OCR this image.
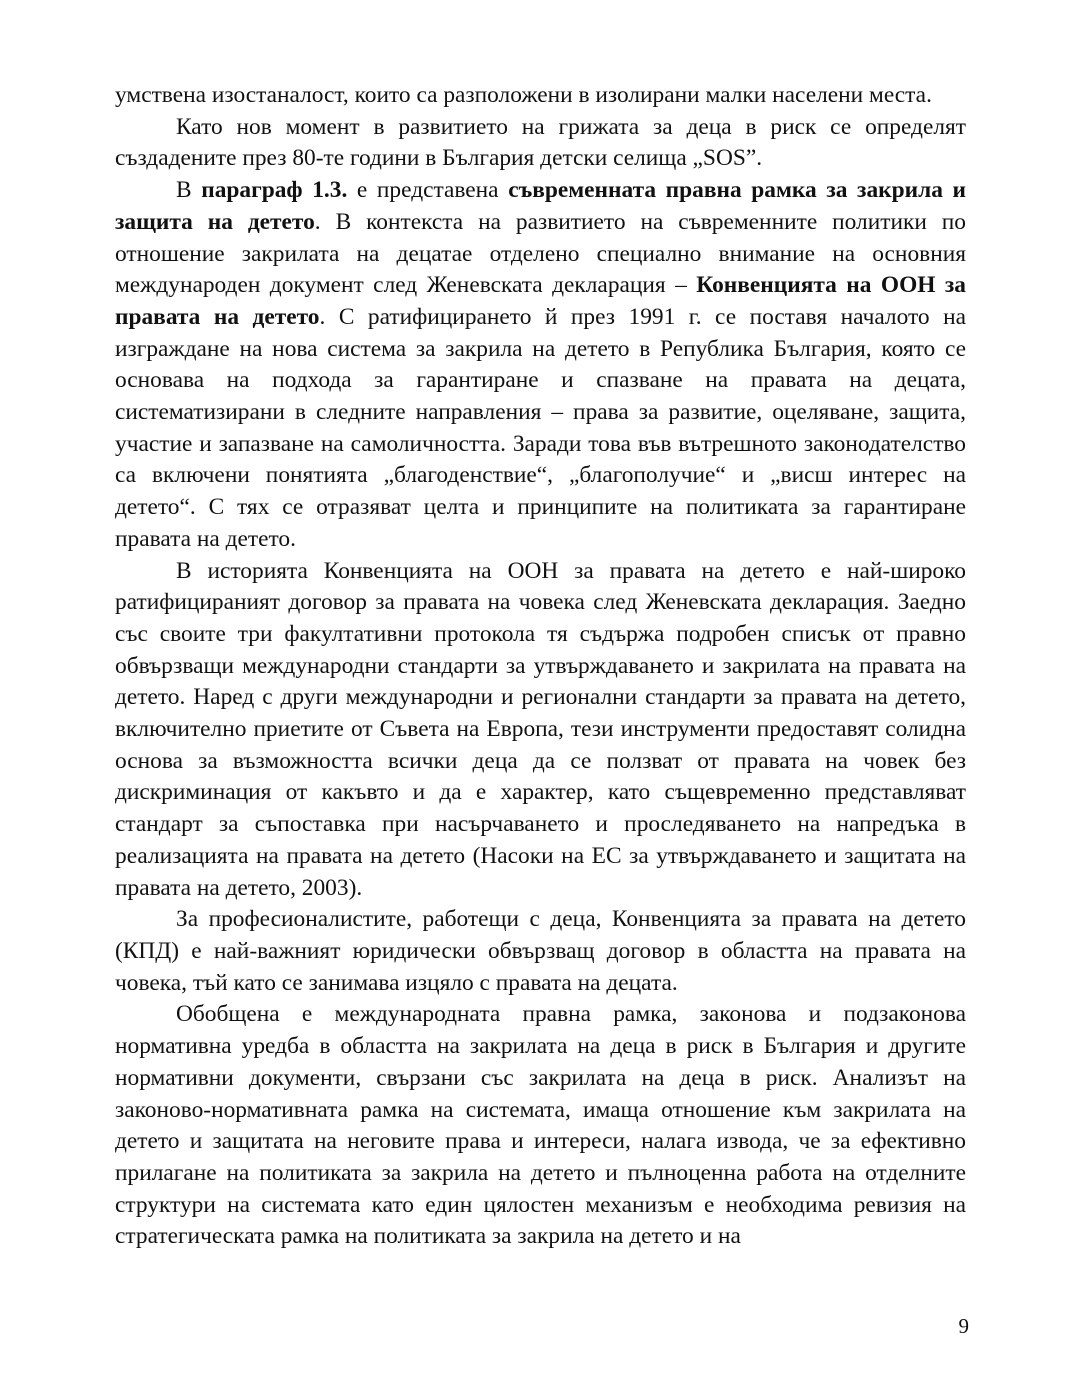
умствена изостаналост, които са разположени в изолирани малки населени места.

Като нов момент в развитието на грижата за деца в риск се определят създадените през 80-те години в България детски селища „SOS”.

В параграф 1.3. е представена съвременната правна рамка за закрила и защита на детето. В контекста на развитието на съвременните политики по отношение закрилата на децатае отделено специално внимание на основния международен документ след Женевската декларация – Конвенцията на ООН за правата на детето. С ратифицирането й през 1991 г. се поставя началото на изграждане на нова система за закрила на детето в Република България, която се основава на подхода за гарантиране и спазване на правата на децата, систематизирани в следните направления – права за развитие, оцеляване, защита, участие и запазване на самоличността. Заради това във вътрешното законодателство са включени понятията „благоденствие“, „благополучие“ и „висш интерес на детето“. С тях се отразяват целта и принципите на политиката за гарантиране правата на детето.

В историята Конвенцията на ООН за правата на детето е най-широко ратифицираният договор за правата на човека след Женевската декларация. Заедно със своите три факултативни протокола тя съдържа подробен списък от правно обвързващи международни стандарти за утвърждаването и закрилата на правата на детето. Наред с други международни и регионални стандарти за правата на детето, включително приетите от Съвета на Европа, тези инструменти предоставят солидна основа за възможността всички деца да се ползват от правата на човек без дискриминация от какъвто и да е характер, като същевременно представляват стандарт за съпоставка при насърчаването и проследяването на напредъка в реализацията на правата на детето (Насоки на ЕС за утвърждаването и защитата на правата на детето, 2003).

За професионалистите, работещи с деца, Конвенцията за правата на детето (КПД) е най-важният юридически обвързващ договор в областта на правата на човека, тъй като се занимава изцяло с правата на децата.

Обобщена е международната правна рамка, законова и подзаконова нормативна уредба в областта на закрилата на деца в риск в България и другите нормативни документи, свързани със закрилата на деца в риск. Анализът на законово-нормативната рамка на системата, имаща отношение към закрилата на детето и защитата на неговите права и интереси, налага извода, че за ефективно прилагане на политиката за закрила на детето и пълноценна работа на отделните структури на системата като един цялостен механизъм е необходима ревизия на стратегическата рамка на политиката за закрила на детето и на

9
